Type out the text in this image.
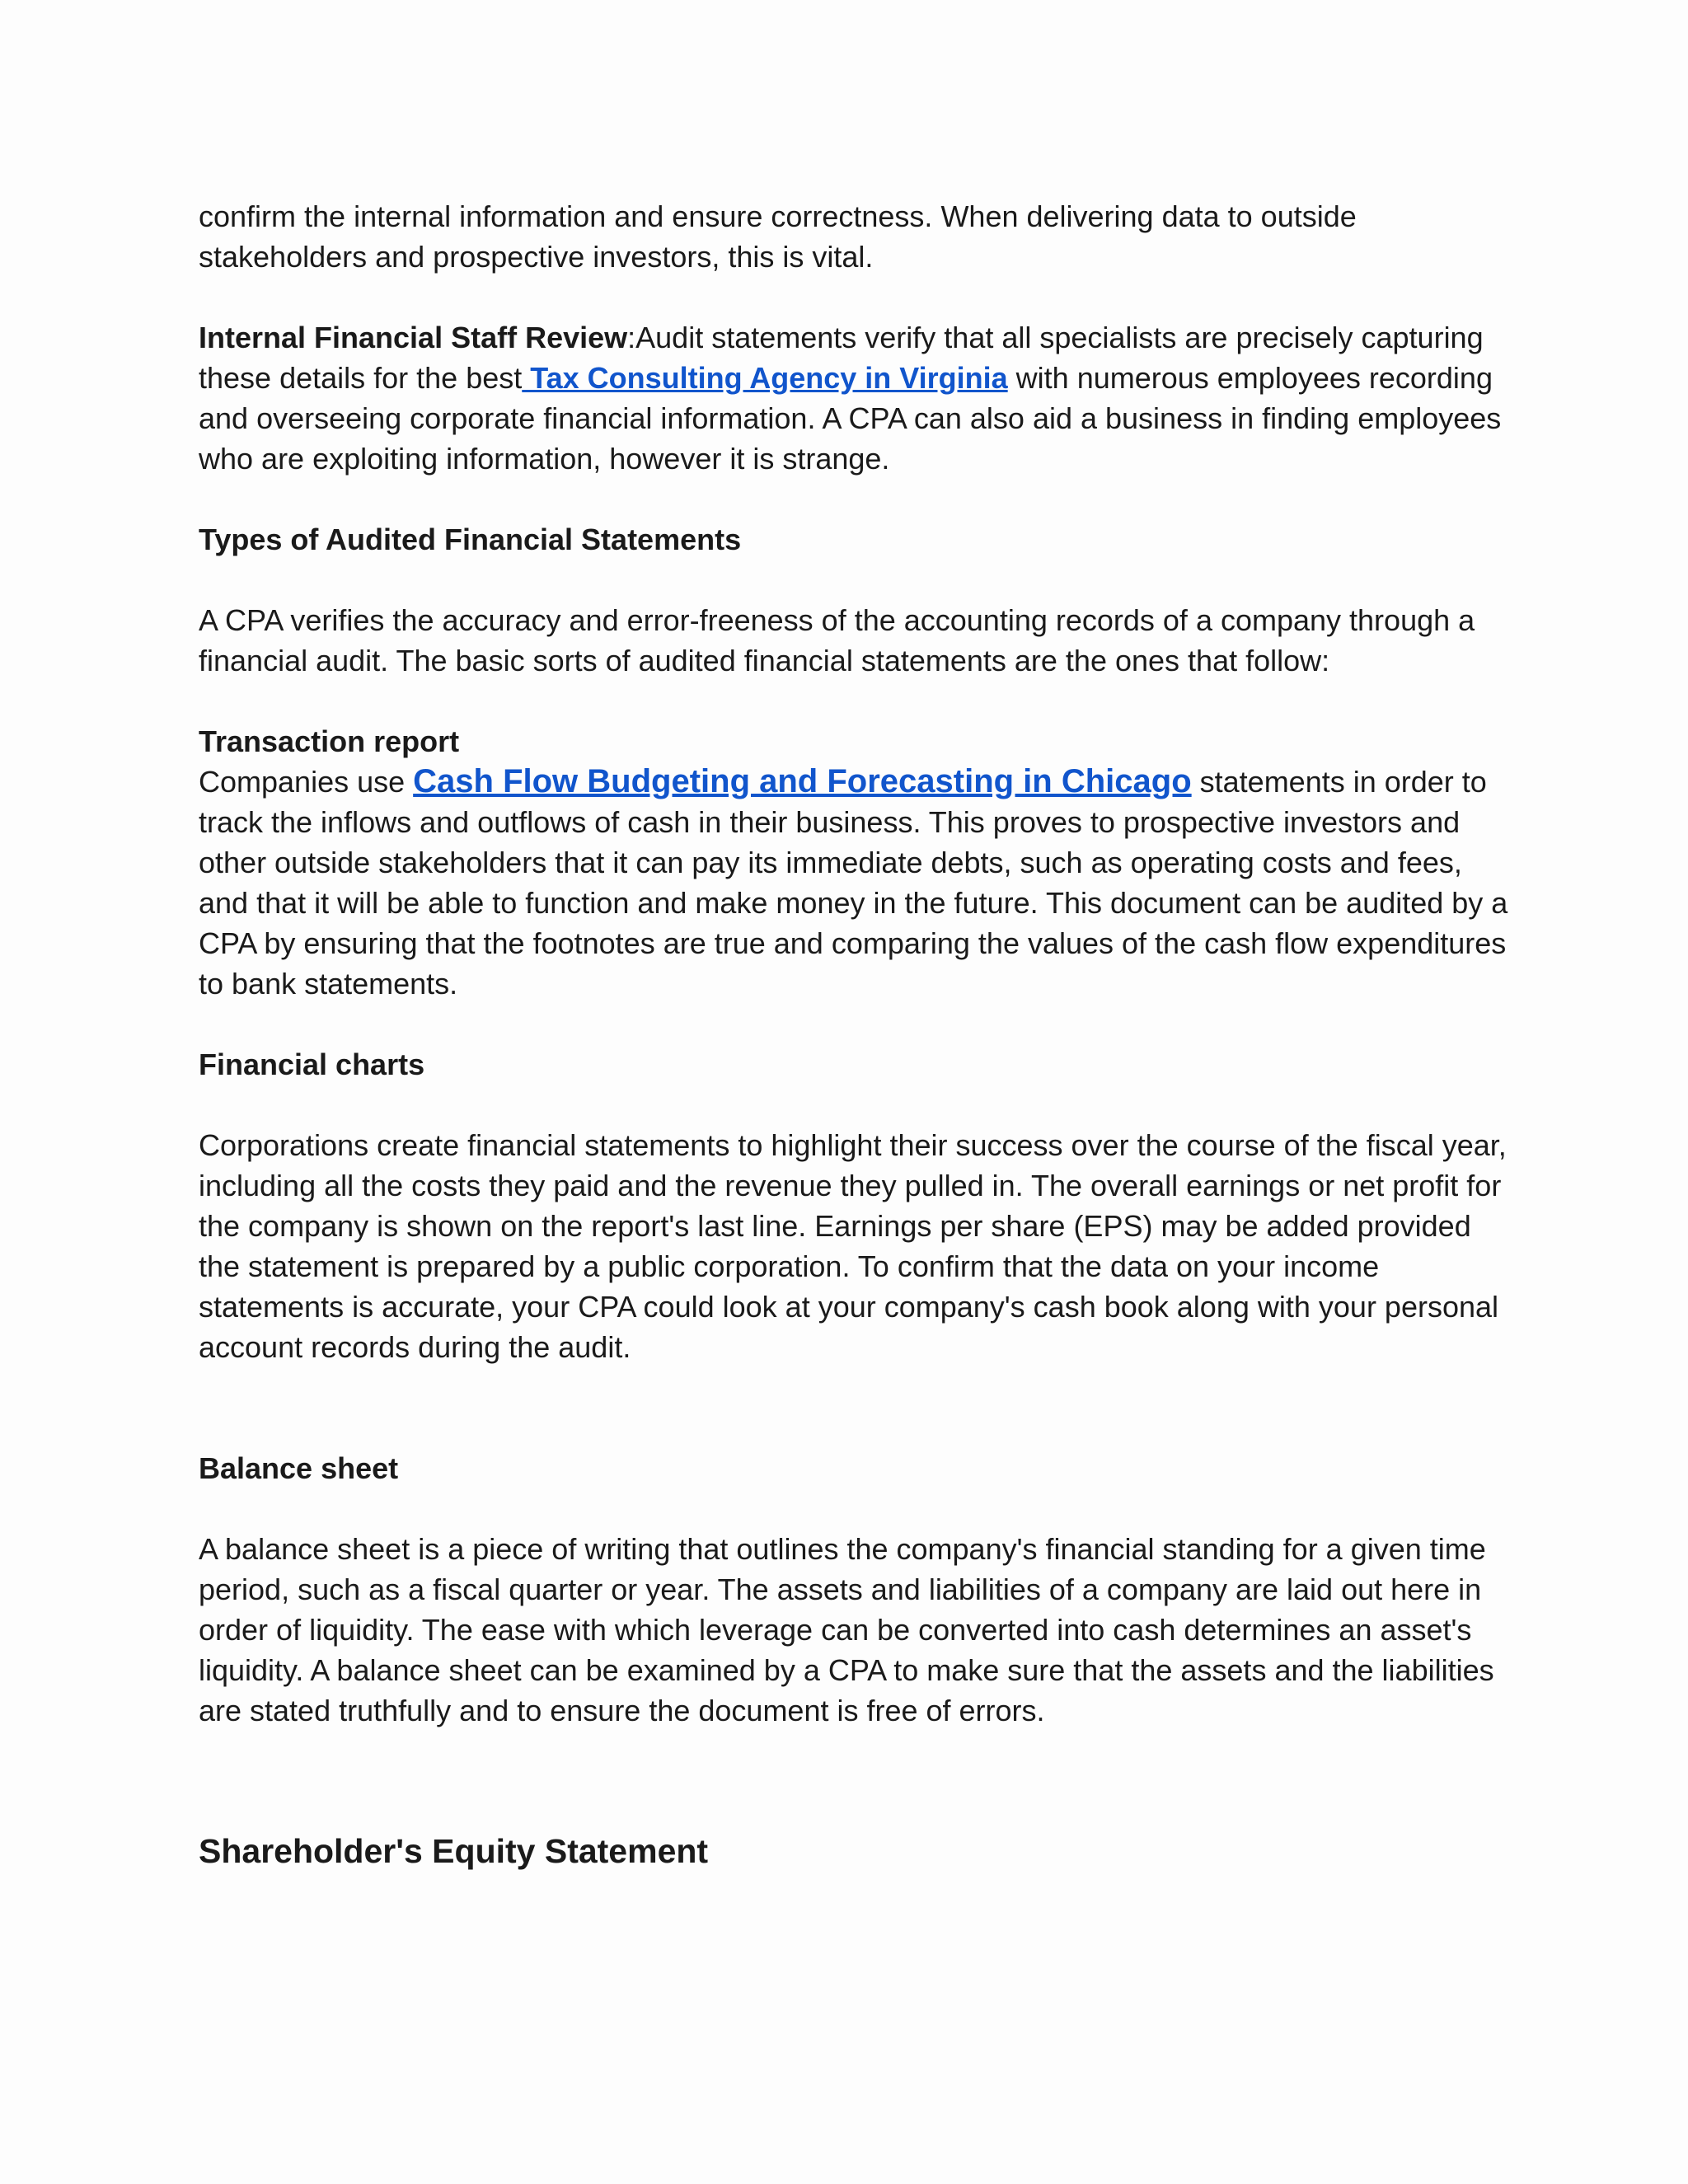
confirm the internal information and ensure correctness. When delivering data to outside stakeholders and prospective investors, this is vital.

Internal Financial Staff Review:Audit statements verify that all specialists are precisely capturing these details for the best Tax Consulting Agency in Virginia with numerous employees recording and overseeing corporate financial information. A CPA can also aid a business in finding employees who are exploiting information, however it is strange.

Types of Audited Financial Statements

A CPA verifies the accuracy and error-freeness of the accounting records of a company through a financial audit. The basic sorts of audited financial statements are the ones that follow:

Transaction report

Companies use Cash Flow Budgeting and Forecasting in Chicago statements in order to track the inflows and outflows of cash in their business. This proves to prospective investors and other outside stakeholders that it can pay its immediate debts, such as operating costs and fees, and that it will be able to function and make money in the future. This document can be audited by a CPA by ensuring that the footnotes are true and comparing the values of the cash flow expenditures to bank statements.

Financial charts

Corporations create financial statements to highlight their success over the course of the fiscal year, including all the costs they paid and the revenue they pulled in. The overall earnings or net profit for the company is shown on the report's last line. Earnings per share (EPS) may be added provided the statement is prepared by a public corporation. To confirm that the data on your income statements is accurate, your CPA could look at your company's cash book along with your personal account records during the audit.

Balance sheet

A balance sheet is a piece of writing that outlines the company's financial standing for a given time period, such as a fiscal quarter or year. The assets and liabilities of a company are laid out here in order of liquidity. The ease with which leverage can be converted into cash determines an asset's liquidity. A balance sheet can be examined by a CPA to make sure that the assets and the liabilities are stated truthfully and to ensure the document is free of errors.

Shareholder's Equity Statement
